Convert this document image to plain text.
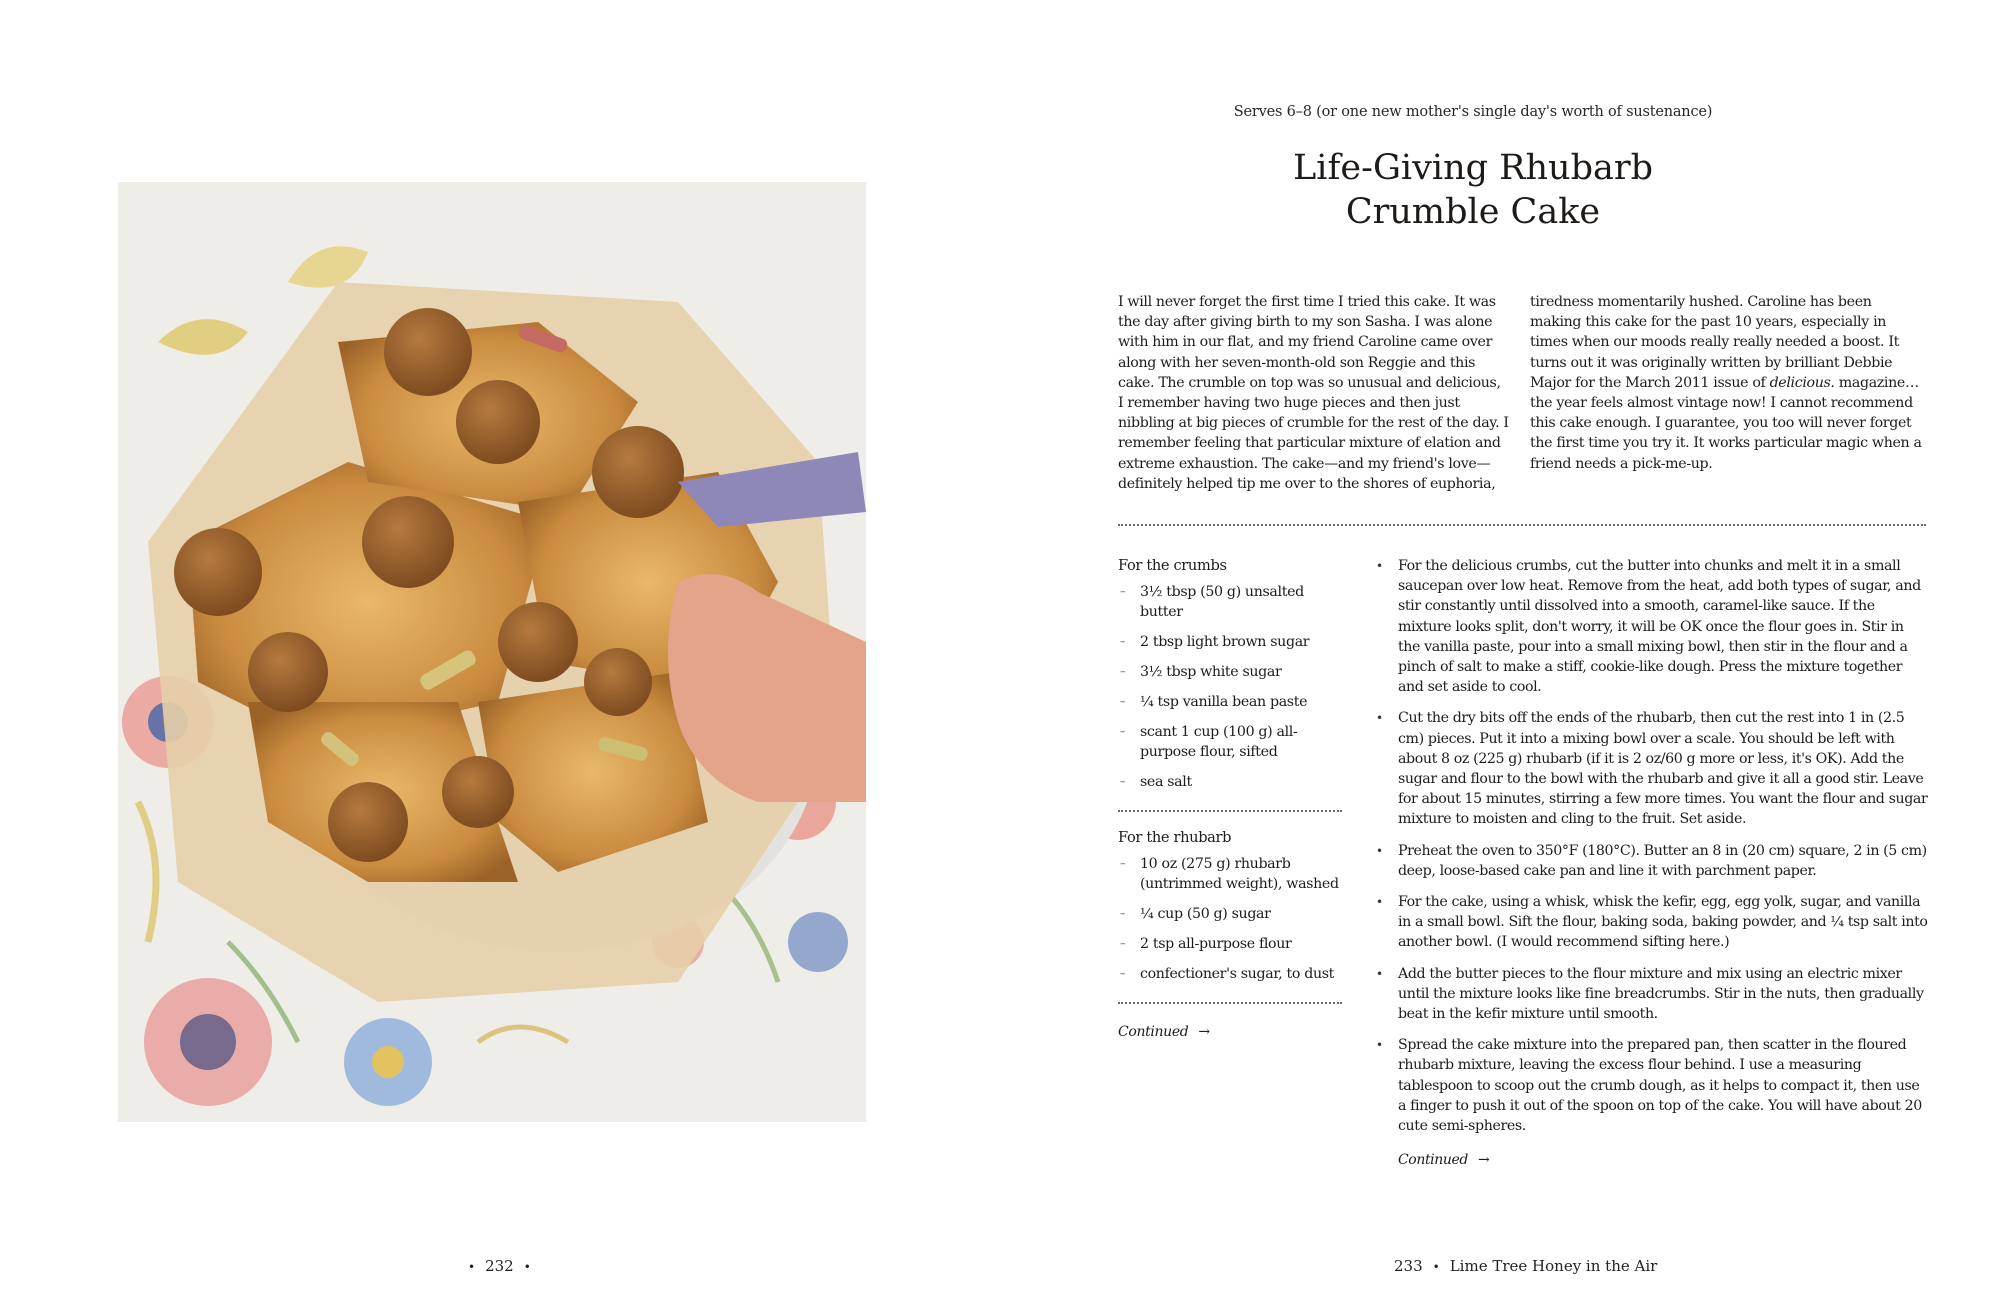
• 232 •
Serves 6–8 (or one new mother's single day's worth of sustenance)
Life-Giving Rhubarb
Crumble Cake

I will never forget the first time I tried this cake. It was the day after giving birth to my son Sasha. I was alone with him in our flat, and my friend Caroline came over along with her seven-month-old son Reggie and this cake. The crumble on top was so unusual and delicious, I remember having two huge pieces and then just nibbling at big pieces of crumble for the rest of the day. I remember feeling that particular mixture of elation and extreme exhaustion. The cake—and my friend's love—definitely helped tip me over to the shores of euphoria,

tiredness momentarily hushed. Caroline has been making this cake for the past 10 years, especially in times when our moods really really needed a boost. It turns out it was originally written by brilliant Debbie Major for the March 2011 issue of delicious. magazine… the year feels almost vintage now! I cannot recommend this cake enough. I guarantee, you too will never forget the first time you try it. It works particular magic when a friend needs a pick-me-up.

For the crumbs
– 3½ tbsp (50 g) unsalted butter
– 2 tbsp light brown sugar
– 3½ tbsp white sugar
– ¼ tsp vanilla bean paste
– scant 1 cup (100 g) all-purpose flour, sifted
– sea salt
For the rhubarb
– 10 oz (275 g) rhubarb (untrimmed weight), washed
– ¼ cup (50 g) sugar
– 2 tsp all-purpose flour
– confectioner's sugar, to dust

Continued →

• For the delicious crumbs, cut the butter into chunks and melt it in a small saucepan over low heat. Remove from the heat, add both types of sugar, and stir constantly until dissolved into a smooth, caramel-like sauce. If the mixture looks split, don't worry, it will be OK once the flour goes in. Stir in the vanilla paste, pour into a small mixing bowl, then stir in the flour and a pinch of salt to make a stiff, cookie-like dough. Press the mixture together and set aside to cool.
• Cut the dry bits off the ends of the rhubarb, then cut the rest into 1 in (2.5 cm) pieces. Put it into a mixing bowl over a scale. You should be left with about 8 oz (225 g) rhubarb (if it is 2 oz/60 g more or less, it's OK). Add the sugar and flour to the bowl with the rhubarb and give it all a good stir. Leave for about 15 minutes, stirring a few more times. You want the flour and sugar mixture to moisten and cling to the fruit. Set aside.
• Preheat the oven to 350°F (180°C). Butter an 8 in (20 cm) square, 2 in (5 cm) deep, loose-based cake pan and line it with parchment paper.
• For the cake, using a whisk, whisk the kefir, egg, egg yolk, sugar, and vanilla in a small bowl. Sift the flour, baking soda, baking powder, and ¼ tsp salt into another bowl. (I would recommend sifting here.)
• Add the butter pieces to the flour mixture and mix using an electric mixer until the mixture looks like fine breadcrumbs. Stir in the nuts, then gradually beat in the kefir mixture until smooth.
• Spread the cake mixture into the prepared pan, then scatter in the floured rhubarb mixture, leaving the excess flour behind. I use a measuring tablespoon to scoop out the crumb dough, as it helps to compact it, then use a finger to push it out of the spoon on top of the cake. You will have about 20 cute semi-spheres.

Continued →

233 • Lime Tree Honey in the Air
